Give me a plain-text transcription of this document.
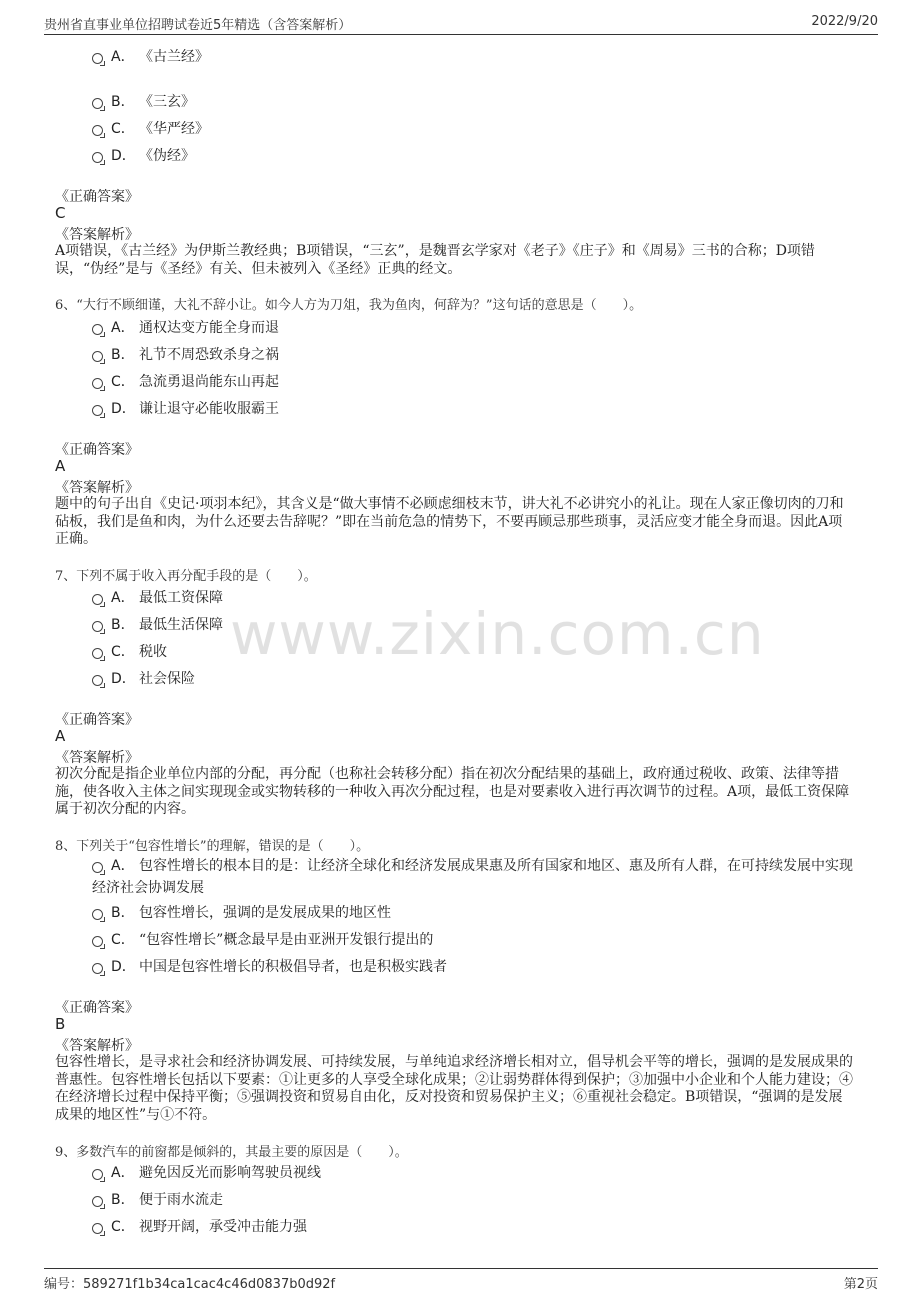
贵州省直事业单位招聘试卷近5年精选（含答案解析）	2022/9/20
www.zixin.com.cn
A． 《古兰经》
B． 《三玄》
C． 《华严经》
D． 《伪经》
《正确答案》
C
《答案解析》
A项错误，《古兰经》为伊斯兰教经典；B项错误，“三玄”，是魏晋玄学家对《老子》《庄子》和《周易》三书的合称；D项错误，“伪经”是与《圣经》有关、但未被列入《圣经》正典的经文。
6、“大行不顾细谨，大礼不辞小让。如今人方为刀俎，我为鱼肉，何辞为？”这句话的意思是（　　）。
A． 通权达变方能全身而退
B． 礼节不周恐致杀身之祸
C． 急流勇退尚能东山再起
D． 谦让退守必能收服霸王
《正确答案》
A
《答案解析》
题中的句子出自《史记·项羽本纪》，其含义是“做大事情不必顾虑细枝末节，讲大礼不必讲究小的礼让。现在人家正像切肉的刀和砧板，我们是鱼和肉，为什么还要去告辞呢？”即在当前危急的情势下，不要再顾忌那些琐事，灵活应变才能全身而退。因此A项正确。
7、下列不属于收入再分配手段的是（　　）。
A． 最低工资保障
B． 最低生活保障
C． 税收
D． 社会保险
《正确答案》
A
《答案解析》
初次分配是指企业单位内部的分配，再分配（也称社会转移分配）指在初次分配结果的基础上，政府通过税收、政策、法律等措施，使各收入主体之间实现现金或实物转移的一种收入再次分配过程，也是对要素收入进行再次调节的过程。A项，最低工资保障属于初次分配的内容。
8、下列关于“包容性增长”的理解，错误的是（　　）。
A． 包容性增长的根本目的是：让经济全球化和经济发展成果惠及所有国家和地区、惠及所有人群，在可持续发展中实现经济社会协调发展
B． 包容性增长，强调的是发展成果的地区性
C． “包容性增长”概念最早是由亚洲开发银行提出的
D． 中国是包容性增长的积极倡导者，也是积极实践者
《正确答案》
B
《答案解析》
包容性增长，是寻求社会和经济协调发展、可持续发展，与单纯追求经济增长相对立，倡导机会平等的增长，强调的是发展成果的普惠性。包容性增长包括以下要素：①让更多的人享受全球化成果；②让弱势群体得到保护；③加强中小企业和个人能力建设；④在经济增长过程中保持平衡；⑤强调投资和贸易自由化，反对投资和贸易保护主义；⑥重视社会稳定。B项错误，“强调的是发展成果的地区性”与①不符。
9、多数汽车的前窗都是倾斜的，其最主要的原因是（　　）。
A． 避免因反光而影响驾驶员视线
B． 便于雨水流走
C． 视野开阔，承受冲击能力强
编号：589271f1b34ca1cac4c46d0837b0d92f	第2页
